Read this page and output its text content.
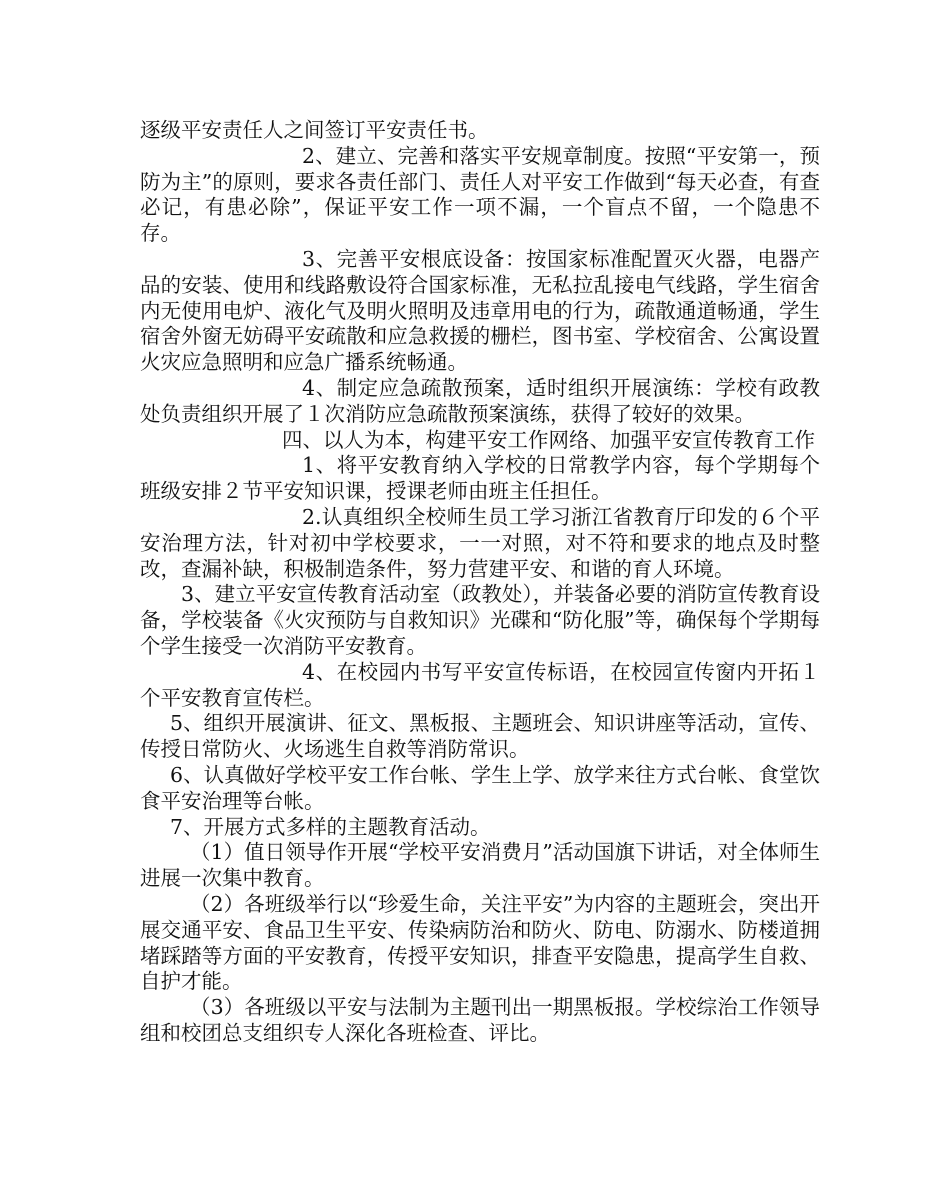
逐级平安责任人之间签订平安责任书。

2、建立、完善和落实平安规章制度。按照“平安第一，预防为主”的原则，要求各责任部门、责任人对平安工作做到“每天必查，有查必记，有患必除”，保证平安工作一项不漏，一个盲点不留，一个隐患不存。

3、完善平安根底设备：按国家标准配置灭火器，电器产品的安装、使用和线路敷设符合国家标准，无私拉乱接电气线路，学生宿舍内无使用电炉、液化气及明火照明及违章用电的行为，疏散通道畅通，学生宿舍外窗无妨碍平安疏散和应急救援的栅栏，图书室、学校宿舍、公寓设置火灾应急照明和应急广播系统畅通。

4、制定应急疏散预案，适时组织开展演练：学校有政教处负责组织开展了１次消防应急疏散预案演练，获得了较好的效果。

四、以人为本，构建平安工作网络、加强平安宣传教育工作

1、将平安教育纳入学校的日常教学内容，每个学期每个班级安排２节平安知识课，授课老师由班主任担任。

2.认真组织全校师生员工学习浙江省教育厅印发的６个平安治理方法，针对初中学校要求，一一对照，对不符和要求的地点及时整改，查漏补缺，积极制造条件，努力营建平安、和谐的育人环境。

3、建立平安宣传教育活动室（政教处），并装备必要的消防宣传教育设备，学校装备《火灾预防与自救知识》光碟和“防化服”等，确保每个学期每个学生接受一次消防平安教育。

4、在校园内书写平安宣传标语，在校园宣传窗内开拓１个平安教育宣传栏。

5、组织开展演讲、征文、黑板报、主题班会、知识讲座等活动，宣传、传授日常防火、火场逃生自救等消防常识。

6、认真做好学校平安工作台帐、学生上学、放学来往方式台帐、食堂饮食平安治理等台帐。

7、开展方式多样的主题教育活动。

（1）值日领导作开展“学校平安消费月”活动国旗下讲话，对全体师生进展一次集中教育。

（2）各班级举行以“珍爱生命，关注平安”为内容的主题班会，突出开展交通平安、食品卫生平安、传染病防治和防火、防电、防溺水、防楼道拥堵踩踏等方面的平安教育，传授平安知识，排查平安隐患，提高学生自救、自护才能。

（3）各班级以平安与法制为主题刊出一期黑板报。学校综治工作领导组和校团总支组织专人深化各班检查、评比。
